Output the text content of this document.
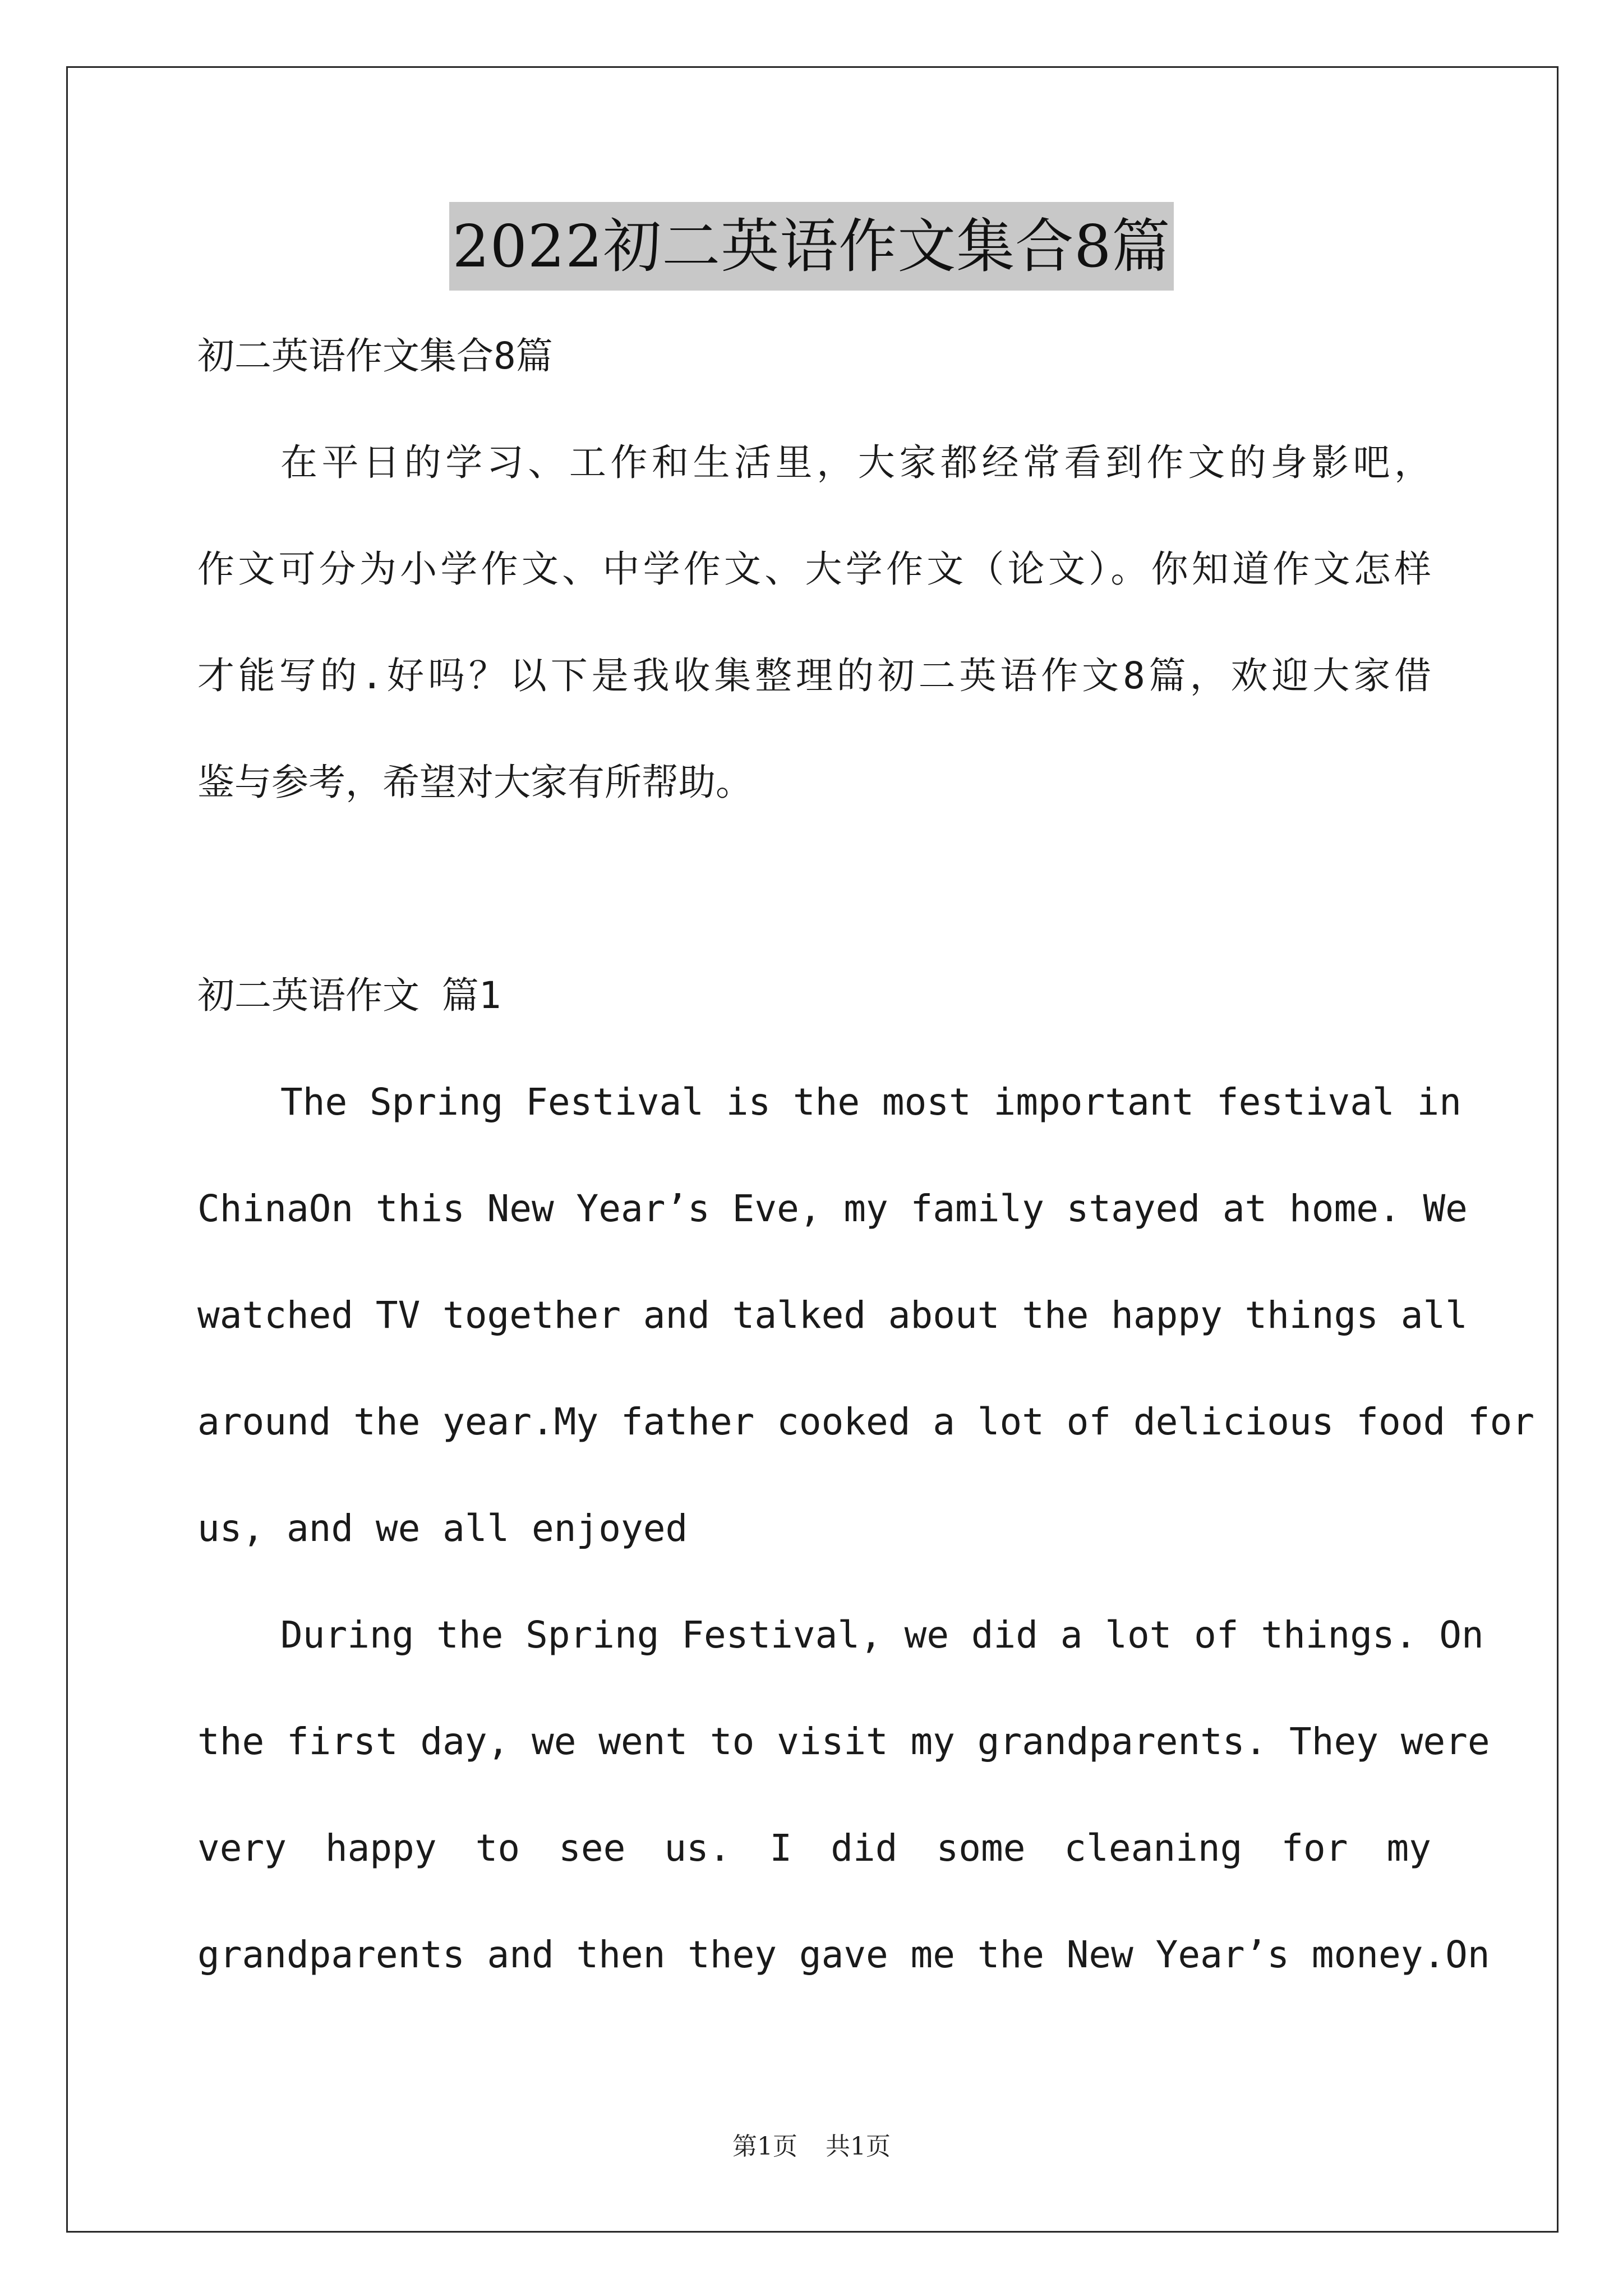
2022初二英语作文集合8篇
初二英语作文集合8篇
在平日的学习、工作和生活里，大家都经常看到作文的身影吧，
作文可分为小学作文、中学作文、大学作文（论文）。你知道作文怎样
才能写的.好吗？以下是我收集整理的初二英语作文8篇，欢迎大家借
鉴与参考，希望对大家有所帮助。
初二英语作文 篇1
The Spring Festival is the most important festival in
ChinaOn this New Year’s Eve, my family stayed at home. We
watched TV together and talked about the happy things all
around the year.My father cooked a lot of delicious food for
us, and we all enjoyed
During the Spring Festival, we did a lot of things. On
the first day, we went to visit my grandparents. They were
very happy to see us. I did some cleaning for my
grandparents and then they gave me the New Year’s money.On
第1页 共1页
